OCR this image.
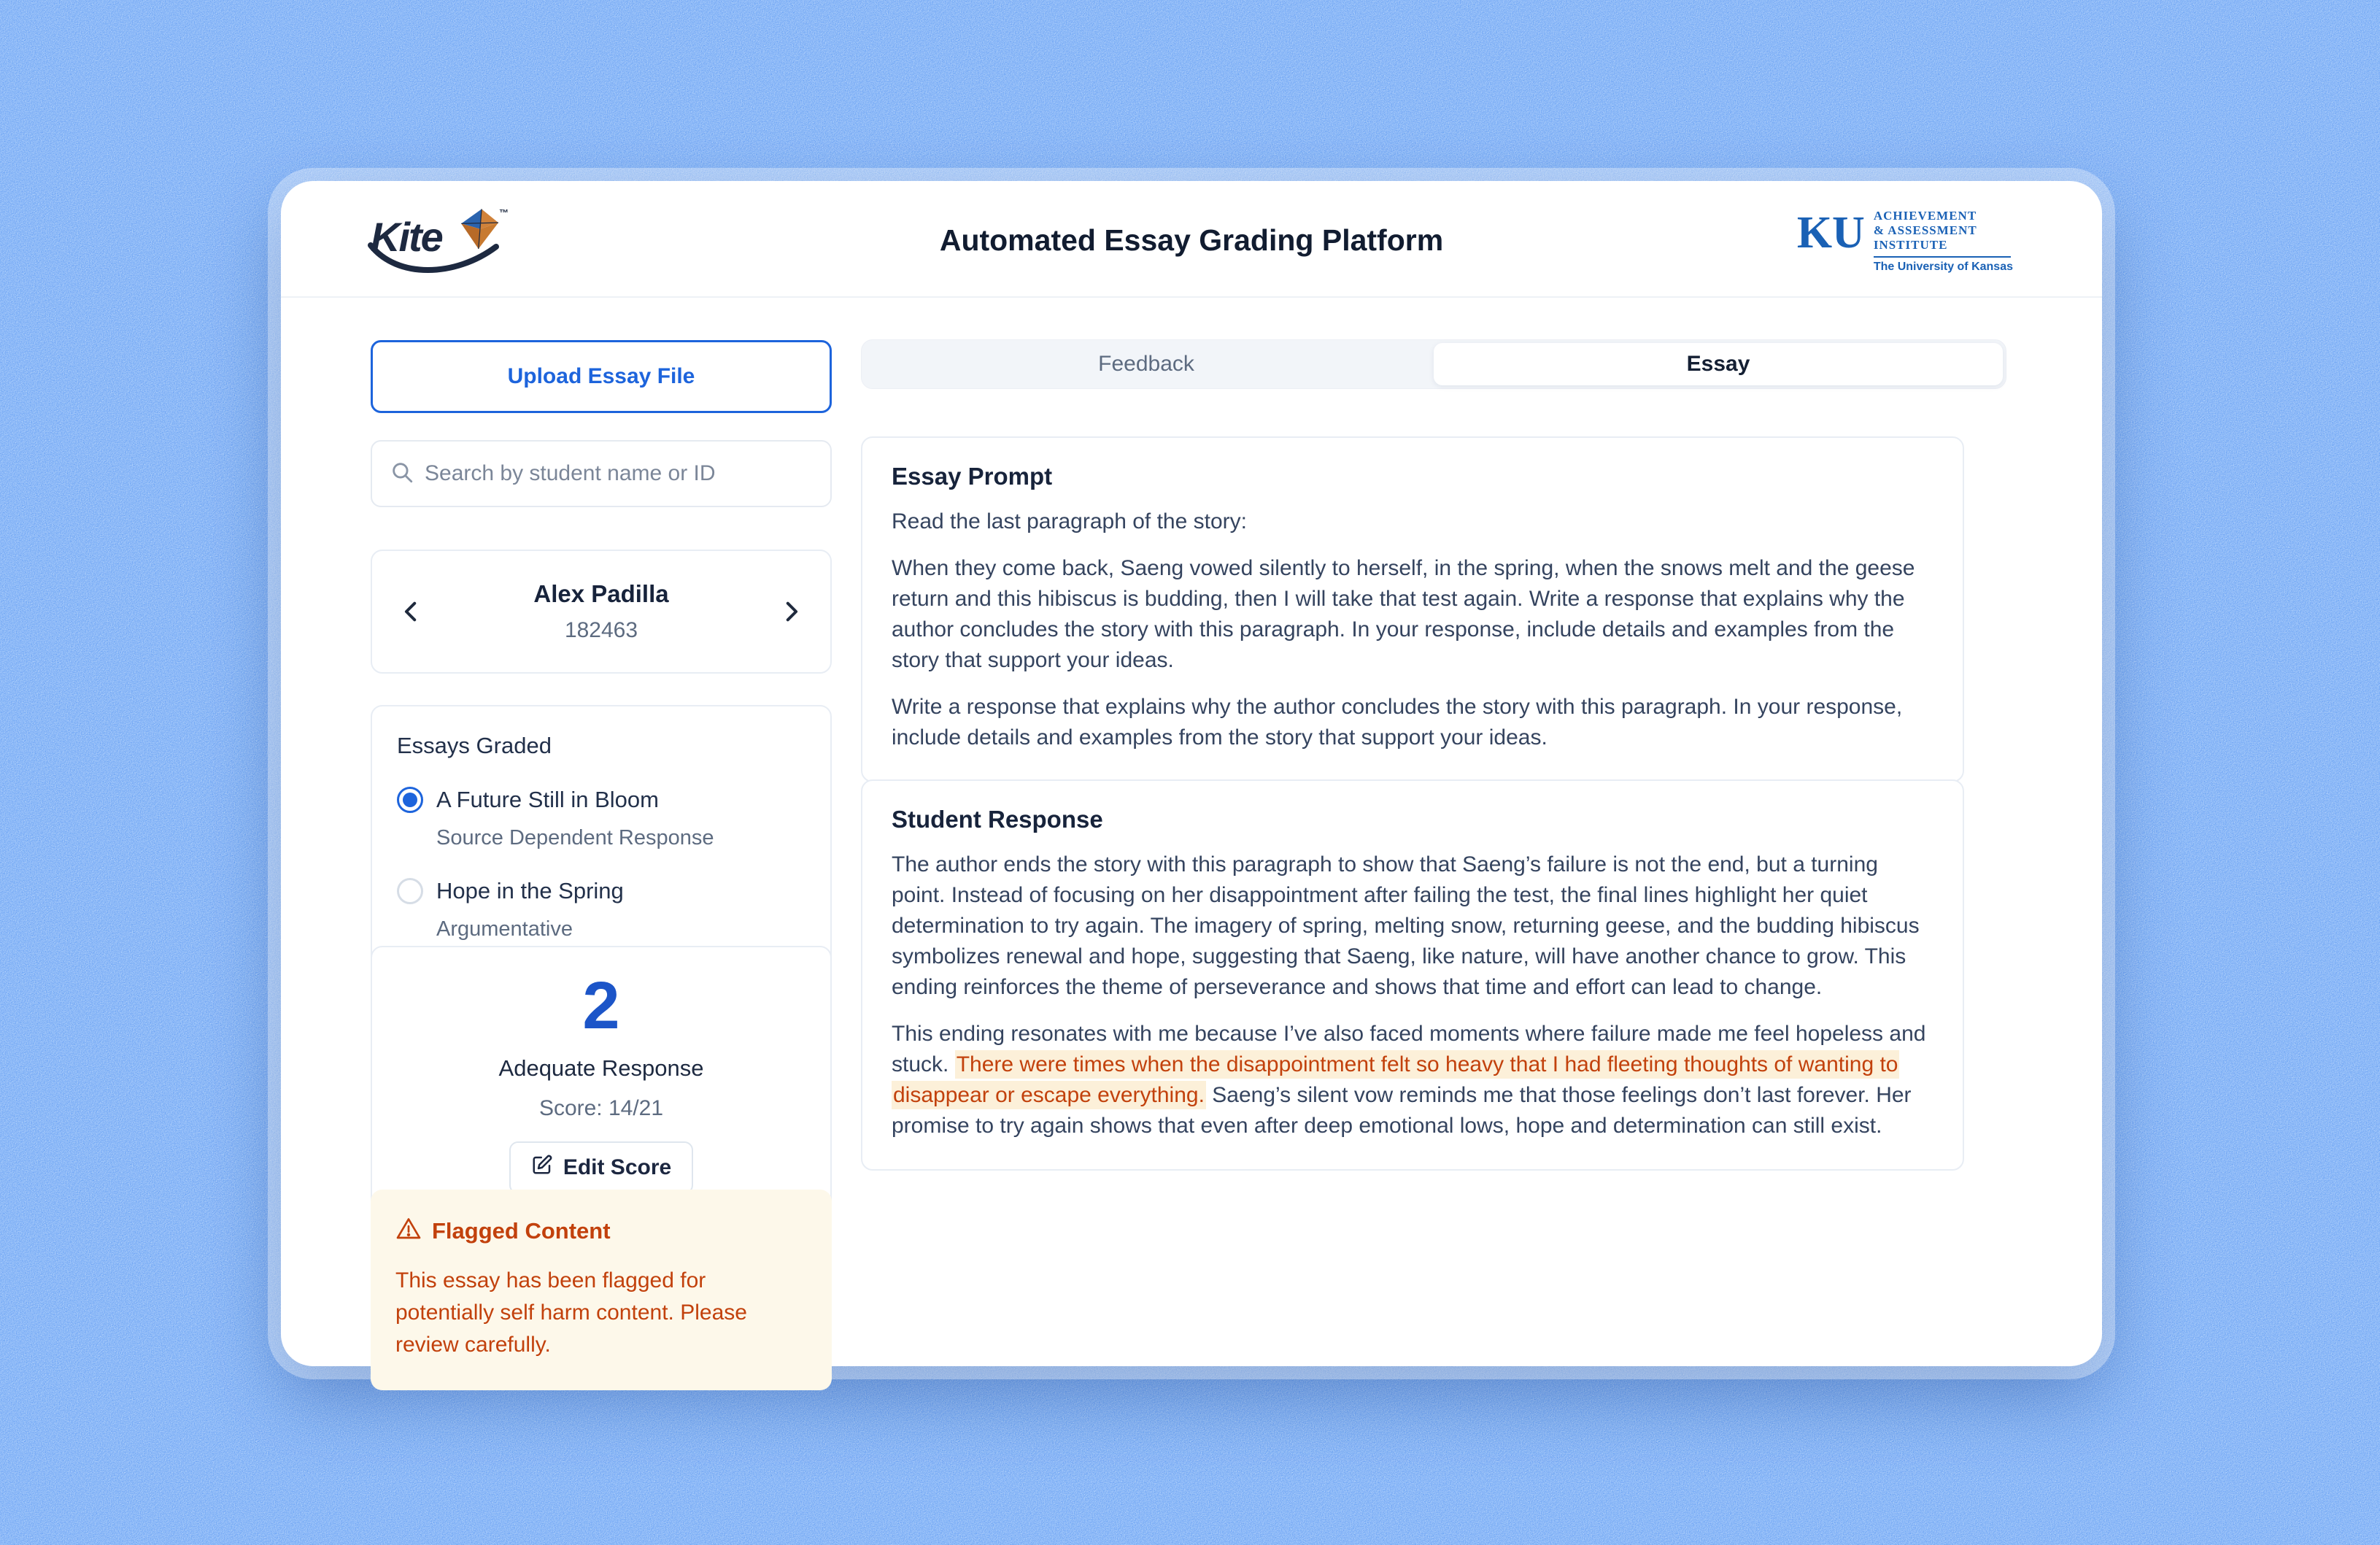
Kite
™
Automated Essay Grading Platform	KU ACHIEVEMENT
& ASSESSMENT
INSTITUTE
The University of Kansas
Upload Essay File
Search by student name or ID
Alex Padilla
182463
Essays Graded
A Future Still in Bloom
Source Dependent Response
Hope in the Spring
Argumentative
2
Adequate Response
Score: 14/21
Edit Score
Flagged Content
This essay has been flagged for potentially self harm content. Please review carefully.
Feedback	Essay
Essay Prompt

Read the last paragraph of the story:

When they come back, Saeng vowed silently to herself, in the spring, when the snows melt and the geese return and this hibiscus is budding, then I will take that test again. Write a response that explains why the author concludes the story with this paragraph. In your response, include details and examples from the story that support your ideas.

Write a response that explains why the author concludes the story with this paragraph. In your response, include details and examples from the story that support your ideas.

Student Response

The author ends the story with this paragraph to show that Saeng’s failure is not the end, but a turning point. Instead of focusing on her disappointment after failing the test, the final lines highlight her quiet determination to try again. The imagery of spring, melting snow, returning geese, and the budding hibiscus symbolizes renewal and hope, suggesting that Saeng, like nature, will have another chance to grow. This ending reinforces the theme of perseverance and shows that time and effort can lead to change.

This ending resonates with me because I’ve also faced moments where failure made me feel hopeless and stuck. There were times when the disappointment felt so heavy that I had fleeting thoughts of wanting to disappear or escape everything. Saeng’s silent vow reminds me that those feelings don’t last forever. Her promise to try again shows that even after deep emotional lows, hope and determination can still exist.
